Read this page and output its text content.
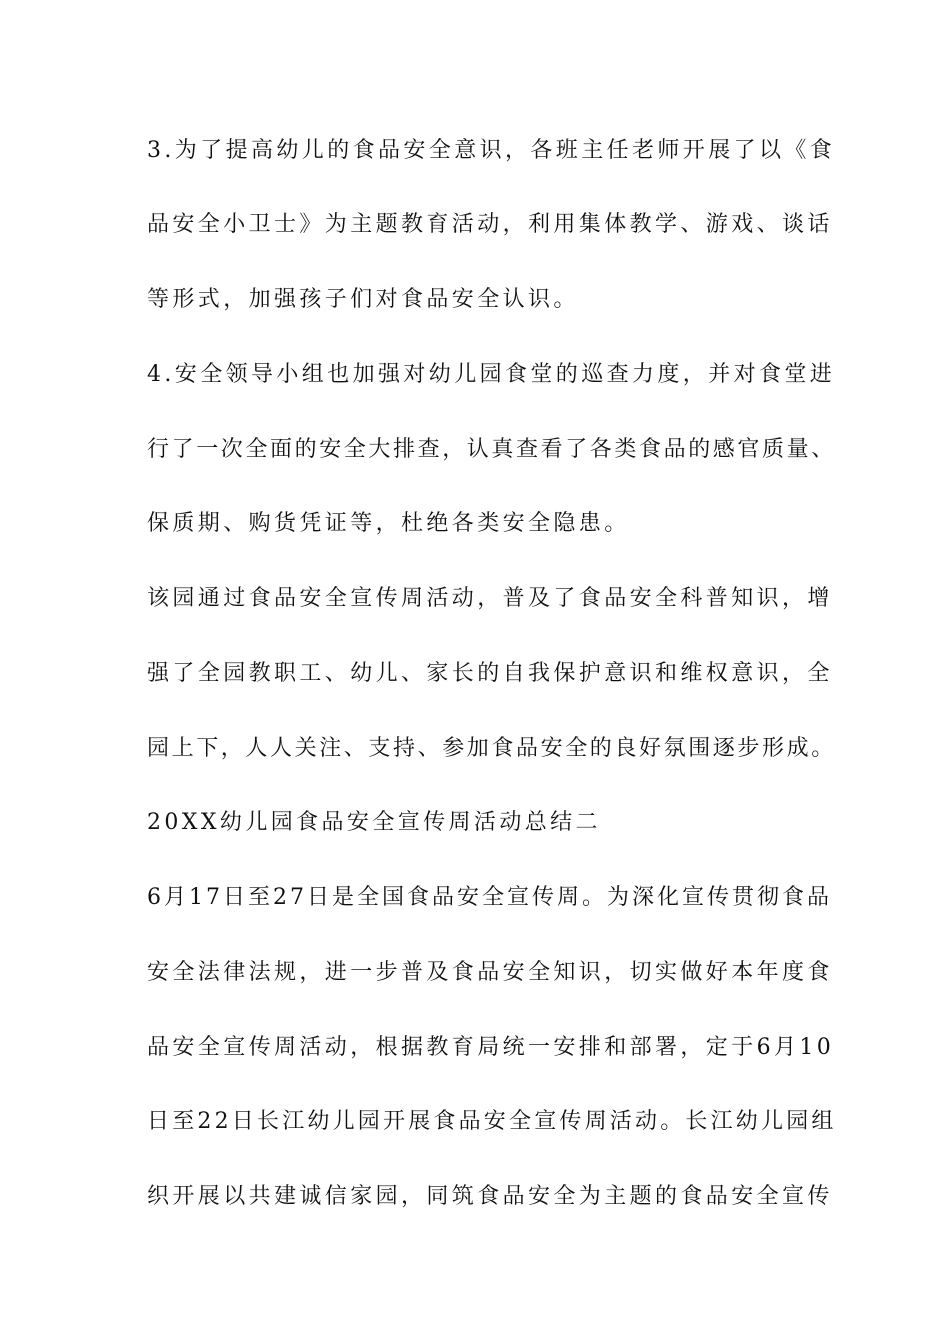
3.为了提高幼儿的食品安全意识，各班主任老师开展了以《食
品安全小卫士》为主题教育活动，利用集体教学、游戏、谈话
等形式，加强孩子们对食品安全认识。
4.安全领导小组也加强对幼儿园食堂的巡查力度，并对食堂进
行了一次全面的安全大排查，认真查看了各类食品的感官质量、
保质期、购货凭证等，杜绝各类安全隐患。
该园通过食品安全宣传周活动，普及了食品安全科普知识，增
强了全园教职工、幼儿、家长的自我保护意识和维权意识，全
园上下，人人关注、支持、参加食品安全的良好氛围逐步形成。
20XX幼儿园食品安全宣传周活动总结二
6月17日至27日是全国食品安全宣传周。为深化宣传贯彻食品
安全法律法规，进一步普及食品安全知识，切实做好本年度食
品安全宣传周活动，根据教育局统一安排和部署，定于6月10
日至22日长江幼儿园开展食品安全宣传周活动。长江幼儿园组
织开展以共建诚信家园，同筑食品安全为主题的食品安全宣传
